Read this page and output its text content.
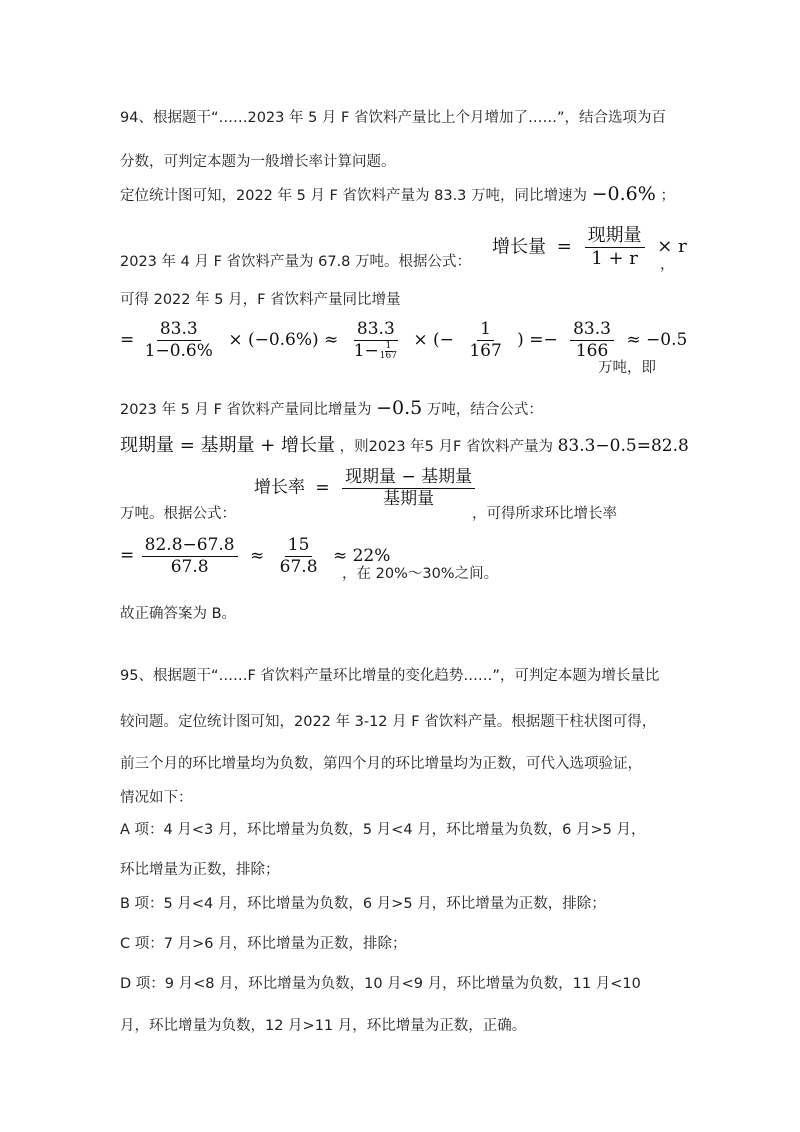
94、根据题干“……2023 年 5 月 F 省饮料产量比上个月增加了……”，结合选项为百
分数，可判定本题为一般增长率计算问题。
定位统计图可知，2022 年 5 月 F 省饮料产量为 83.3 万吨，同比增速为 −0.6% ；
2023 年 4 月 F 省饮料产量为 67.8 万吨。根据公式：
增长量 = $\frac{\text{现期量}}{1 + r} \times r$
，
可得 2022 年 5 月，F 省饮料产量同比增量
= $\frac{83.3}{1-0.6\%} \times (-0.6\%) \approx \frac{83.3}{1- \frac{1}{167}}$ × (− $\frac{1}{167}$ ) =− $\frac{83.3}{166} \approx -0.5$
万吨，即
2023 年 5 月 F 省饮料产量同比增量为 −0.5 万吨，结合公式：
现期量 = 基期量 + 增长量 ，则2023 年5 月F 省饮料产量为 83.3−0.5=82.8
万吨。根据公式：
增长率 = $\frac{\text{现期量 − 基期量}}{\text{基期量}}$
，可得所求环比增长率
= $\frac{82.8-67.8}{67.8} \approx \frac{15}{67.8} \approx 22\%$
，在 20%〜30%之间。
故正确答案为 B。
95、根据题干“……F 省饮料产量环比增量的变化趋势……”，可判定本题为增长量比
较问题。定位统计图可知，2022 年 3-12 月 F 省饮料产量。根据题干柱状图可得，
前三个月的环比增量均为负数，第四个月的环比增量均为正数，可代入选项验证，
情况如下：
A 项：4 月<3 月，环比增量为负数，5 月<4 月，环比增量为负数，6 月>5 月，
环比增量为正数，排除；
B 项：5 月<4 月，环比增量为负数，6 月>5 月，环比增量为正数，排除；
C 项：7 月>6 月，环比增量为正数，排除；
D 项：9 月<8 月，环比增量为负数，10 月<9 月，环比增量为负数，11 月<10
月，环比增量为负数，12 月>11 月，环比增量为正数，正确。
